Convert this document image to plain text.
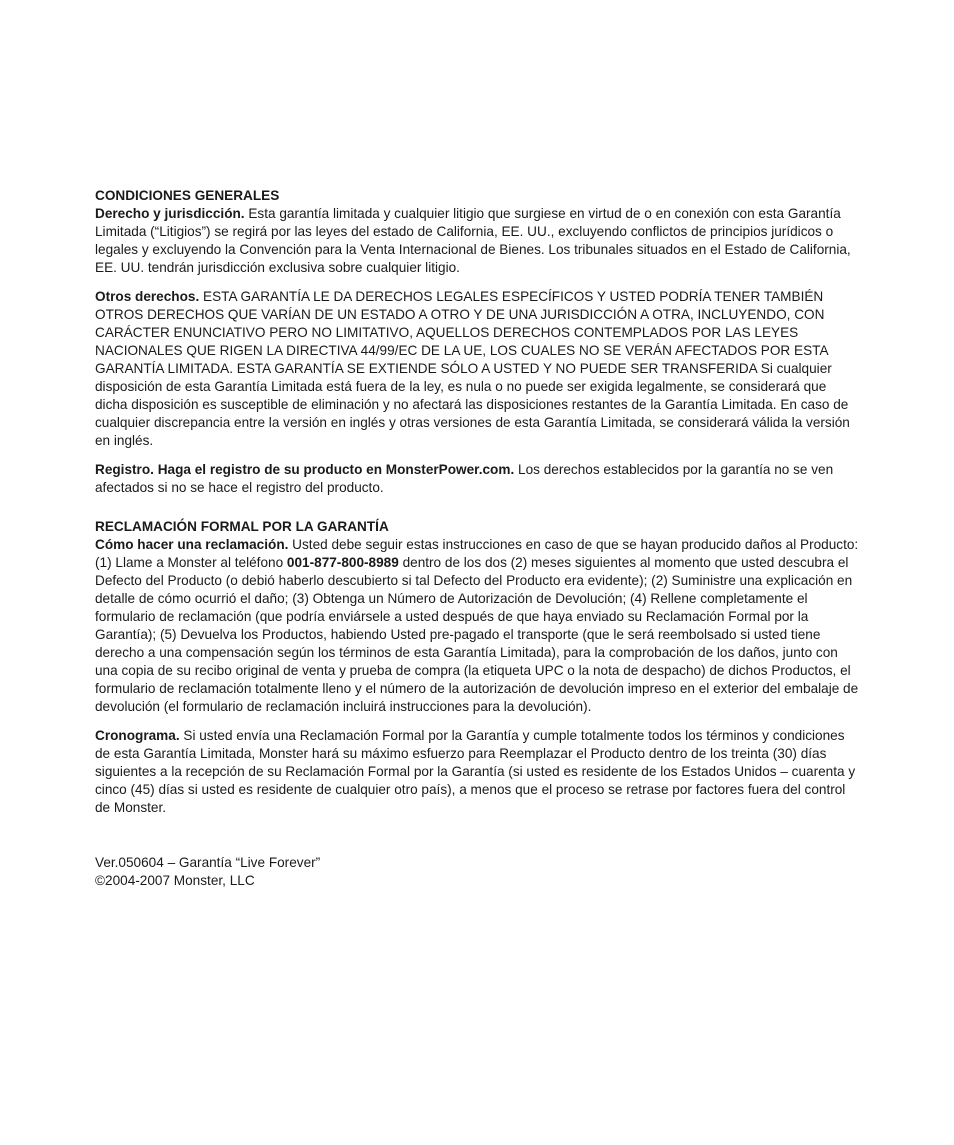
CONDICIONES GENERALES

Derecho y jurisdicción. Esta garantía limitada y cualquier litigio que surgiese en virtud de o en conexión con esta Garantía Limitada (“Litigios”) se regirá por las leyes del estado de California, EE. UU., excluyendo conflictos de principios jurídicos o legales y excluyendo la Convención para la Venta Internacional de Bienes. Los tribunales situados en el Estado de California, EE. UU. tendrán jurisdicción exclusiva sobre cualquier litigio.

Otros derechos. ESTA GARANTÍA LE DA DERECHOS LEGALES ESPECÍFICOS Y USTED PODRÍA TENER TAMBIÉN OTROS DERECHOS QUE VARÍAN DE UN ESTADO A OTRO Y DE UNA JURISDICCIÓN A OTRA, INCLUYENDO, CON CARÁCTER ENUNCIATIVO PERO NO LIMITATIVO, AQUELLOS DERECHOS CONTEMPLADOS POR LAS LEYES NACIONALES QUE RIGEN LA DIRECTIVA 44/99/EC DE LA UE, LOS CUALES NO SE VERÁN AFECTADOS POR ESTA GARANTÍA LIMITADA. ESTA GARANTÍA SE EXTIENDE SÓLO A USTED Y NO PUEDE SER TRANSFERIDA Si cualquier disposición de esta Garantía Limitada está fuera de la ley, es nula o no puede ser exigida legalmente, se considerará que dicha disposición es susceptible de eliminación y no afectará las disposiciones restantes de la Garantía Limitada. En caso de cualquier discrepancia entre la versión en inglés y otras versiones de esta Garantía Limitada, se considerará válida la versión en inglés.

Registro. Haga el registro de su producto en MonsterPower.com. Los derechos establecidos por la garantía no se ven afectados si no se hace el registro del producto.

RECLAMACIÓN FORMAL POR LA GARANTÍA

Cómo hacer una reclamación. Usted debe seguir estas instrucciones en caso de que se hayan producido daños al Producto: (1) Llame a Monster al teléfono 001-877-800-8989 dentro de los dos (2) meses siguientes al momento que usted descubra el Defecto del Producto (o debió haberlo descubierto si tal Defecto del Producto era evidente); (2) Suministre una explicación en detalle de cómo ocurrió el daño; (3) Obtenga un Número de Autorización de Devolución; (4) Rellene completamente el formulario de reclamación (que podría enviársele a usted después de que haya enviado su Reclamación Formal por la Garantía); (5) Devuelva los Productos, habiendo Usted pre-pagado el transporte (que le será reembolsado si usted tiene derecho a una compensación según los términos de esta Garantía Limitada), para la comprobación de los daños, junto con una copia de su recibo original de venta y prueba de compra (la etiqueta UPC o la nota de despacho) de dichos Productos, el formulario de reclamación totalmente lleno y el número de la autorización de devolución impreso en el exterior del embalaje de devolución (el formulario de reclamación incluirá instrucciones para la devolución).

Cronograma. Si usted envía una Reclamación Formal por la Garantía y cumple totalmente todos los términos y condiciones de esta Garantía Limitada, Monster hará su máximo esfuerzo para Reemplazar el Producto dentro de los treinta (30) días siguientes a la recepción de su Reclamación Formal por la Garantía (si usted es residente de los Estados Unidos – cuarenta y cinco (45) días si usted es residente de cualquier otro país), a menos que el proceso se retrase por factores fuera del control de Monster.

Ver.050604 – Garantía “Live Forever”
©2004-2007 Monster, LLC
